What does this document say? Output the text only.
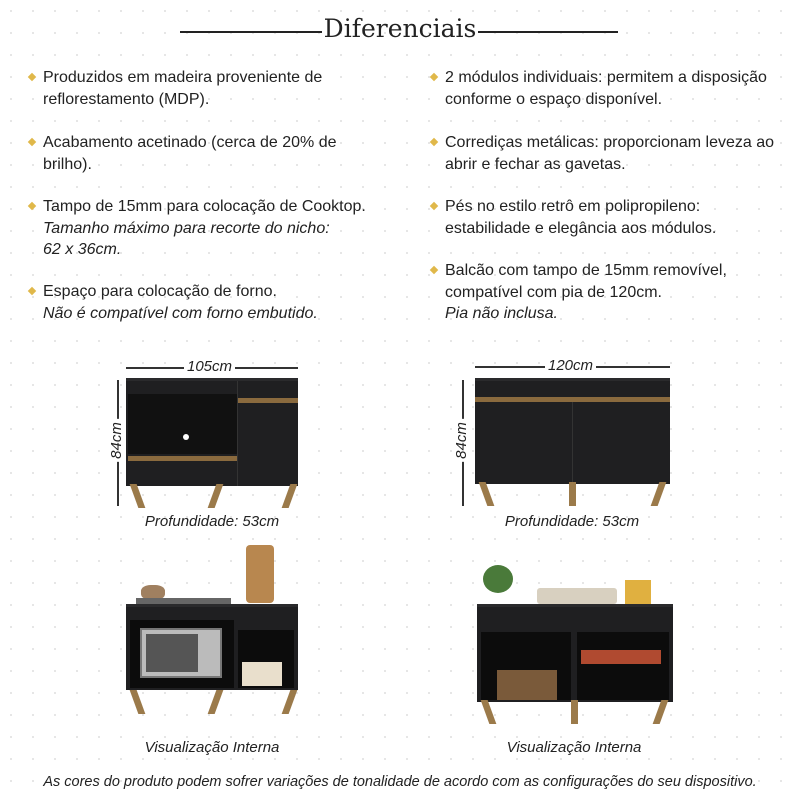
Diferenciais
Produzidos em madeira proveniente de reflorestamento (MDP).
Acabamento acetinado (cerca de 20% de brilho).
Tampo de 15mm para colocação de Cooktop.
Tamanho máximo para recorte do nicho: 62 x 36cm.
Espaço para colocação de forno.
Não é compatível com forno embutido.
2 módulos individuais: permitem a disposição conforme o espaço disponível.
Corrediças metálicas: proporcionam leveza ao abrir e fechar as gavetas.
Pés no estilo retrô em polipropileno: estabilidade e elegância aos módulos.
Balcão com tampo de 15mm removível, compatível com pia de 120cm.
Pia não inclusa.
105cm
84cm
Profundidade: 53cm
120cm
84cm
Profundidade: 53cm
Visualização Interna	Visualização Interna
As cores do produto podem sofrer variações de tonalidade de acordo com as configurações do seu dispositivo.
